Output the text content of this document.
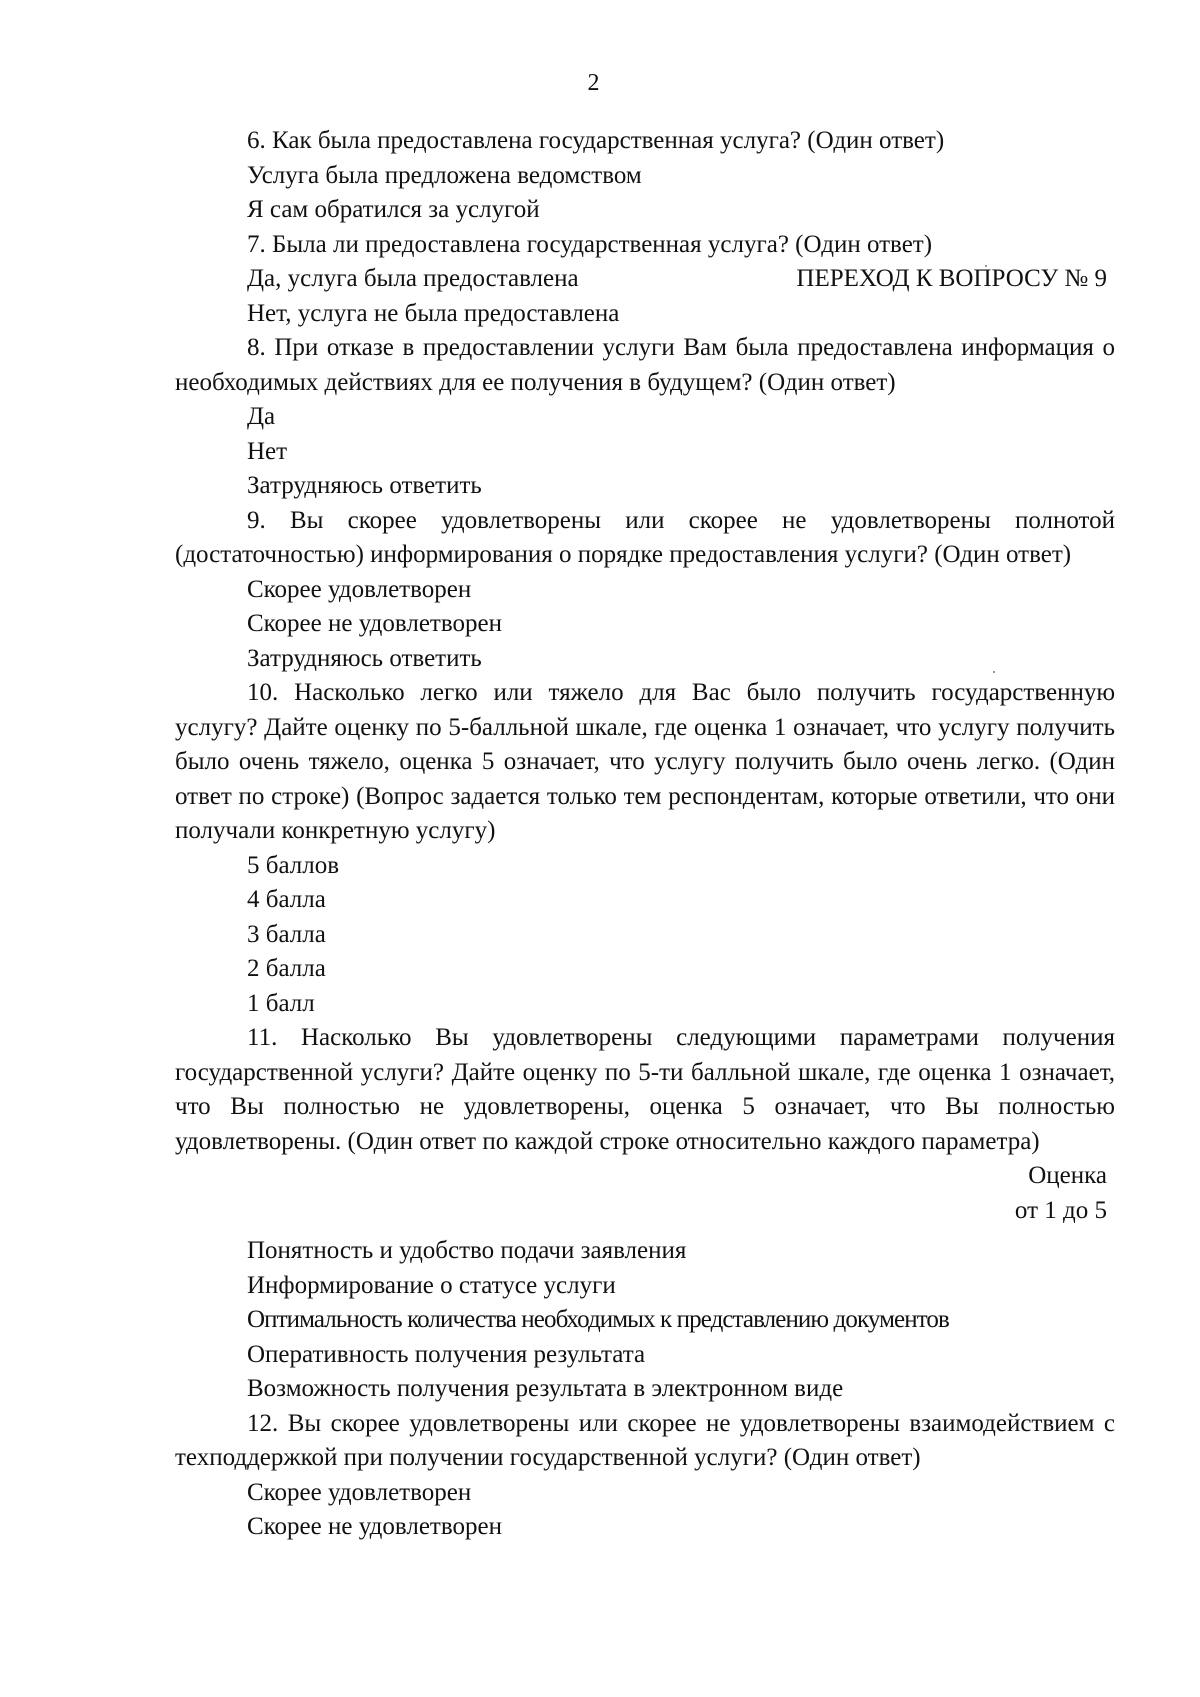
2

6. Как была предоставлена государственная услуга? (Один ответ)

Услуга была предложена ведомством

Я сам обратился за услугой

7. Была ли предоставлена государственная услуга? (Один ответ)

Да, услуга была предоставлена	ПЕРЕХОД К ВОПРОСУ № 9

Нет, услуга не была предоставлена

8. При отказе в предоставлении услуги Вам была предоставлена информация о необходимых действиях для ее получения в будущем? (Один ответ)

Да

Нет

Затрудняюсь ответить

9. Вы скорее удовлетворены или скорее не удовлетворены полнотой (достаточностью) информирования о порядке предоставления услуги? (Один ответ)

Скорее удовлетворен

Скорее не удовлетворен

Затрудняюсь ответить

10. Насколько легко или тяжело для Вас было получить государственную услугу? Дайте оценку по 5-балльной шкале, где оценка 1 означает, что услугу получить было очень тяжело, оценка 5 означает, что услугу получить было очень легко. (Один ответ по строке) (Вопрос задается только тем респондентам, которые ответили, что они получали конкретную услугу)

5 баллов

4 балла

3 балла

2 балла

1 балл

11. Насколько Вы удовлетворены следующими параметрами получения государственной услуги? Дайте оценку по 5-ти балльной шкале, где оценка 1 означает, что Вы полностью не удовлетворены, оценка 5 означает, что Вы полностью удовлетворены. (Один ответ по каждой строке относительно каждого параметра)

Оценка
от 1 до 5

Понятность и удобство подачи заявления

Информирование о статусе услуги

Оптимальность количества необходимых к представлению документов

Оперативность получения результата

Возможность получения результата в электронном виде

12. Вы скорее удовлетворены или скорее не удовлетворены взаимодействием с техподдержкой при получении государственной услуги? (Один ответ)

Скорее удовлетворен

Скорее не удовлетворен
